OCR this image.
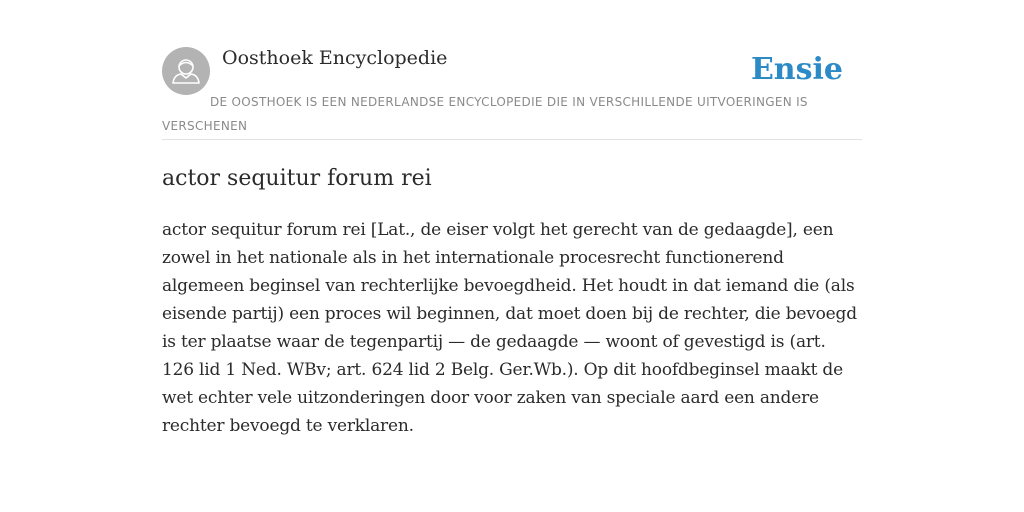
Oosthoek Encyclopedie	Ensie
DE OOSTHOEK IS EEN NEDERLANDSE ENCYCLOPEDIE DIE IN VERSCHILLENDE UITVOERINGEN IS VERSCHENEN
actor sequitur forum rei

actor sequitur forum rei [Lat., de eiser volgt het gerecht van de gedaagde], een zowel in het nationale als in het internationale procesrecht functionerend algemeen beginsel van rechterlijke bevoegdheid. Het houdt in dat iemand die (als eisende partij) een proces wil beginnen, dat moet doen bij de rechter, die bevoegd is ter plaatse waar de tegenpartij — de gedaagde — woont of gevestigd is (art. 126 lid 1 Ned. WBv; art. 624 lid 2 Belg. Ger.Wb.). Op dit hoofdbeginsel maakt de wet echter vele uitzonderingen door voor zaken van speciale aard een andere rechter bevoegd te verklaren.
